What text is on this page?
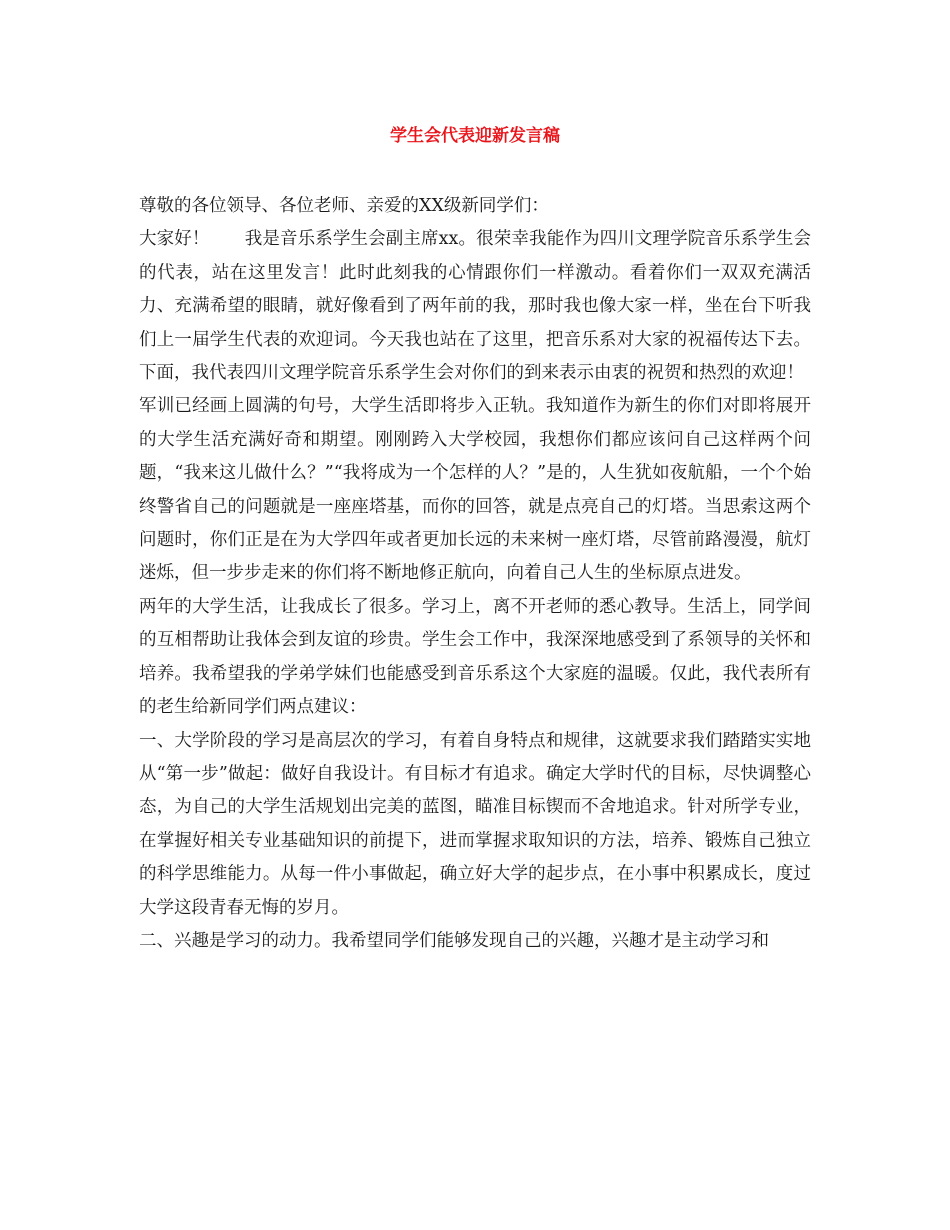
学生会代表迎新发言稿

尊敬的各位领导、各位老师、亲爱的XX级新同学们：

大家好！　　我是音乐系学生会副主席xx。很荣幸我能作为四川文理学院音乐系学生会的代表，站在这里发言！此时此刻我的心情跟你们一样激动。看着你们一双双充满活力、充满希望的眼睛，就好像看到了两年前的我，那时我也像大家一样，坐在台下听我们上一届学生代表的欢迎词。今天我也站在了这里，把音乐系对大家的祝福传达下去。下面，我代表四川文理学院音乐系学生会对你们的到来表示由衷的祝贺和热烈的欢迎！

军训已经画上圆满的句号，大学生活即将步入正轨。我知道作为新生的你们对即将展开的大学生活充满好奇和期望。刚刚跨入大学校园，我想你们都应该问自己这样两个问题，“我来这儿做什么？”“我将成为一个怎样的人？”是的，人生犹如夜航船，一个个始终警省自己的问题就是一座座塔基，而你的回答，就是点亮自己的灯塔。当思索这两个问题时，你们正是在为大学四年或者更加长远的未来树一座灯塔，尽管前路漫漫，航灯迷烁，但一步步走来的你们将不断地修正航向，向着自己人生的坐标原点进发。

两年的大学生活，让我成长了很多。学习上，离不开老师的悉心教导。生活上，同学间的互相帮助让我体会到友谊的珍贵。学生会工作中，我深深地感受到了系领导的关怀和培养。我希望我的学弟学妹们也能感受到音乐系这个大家庭的温暖。仅此，我代表所有的老生给新同学们两点建议：

一、大学阶段的学习是高层次的学习，有着自身特点和规律，这就要求我们踏踏实实地从“第一步”做起：做好自我设计。有目标才有追求。确定大学时代的目标，尽快调整心态，为自己的大学生活规划出完美的蓝图，瞄准目标锲而不舍地追求。针对所学专业，在掌握好相关专业基础知识的前提下，进而掌握求取知识的方法，培养、锻炼自己独立的科学思维能力。从每一件小事做起，确立好大学的起步点，在小事中积累成长，度过大学这段青春无悔的岁月。

二、兴趣是学习的动力。我希望同学们能够发现自己的兴趣，兴趣才是主动学习和
